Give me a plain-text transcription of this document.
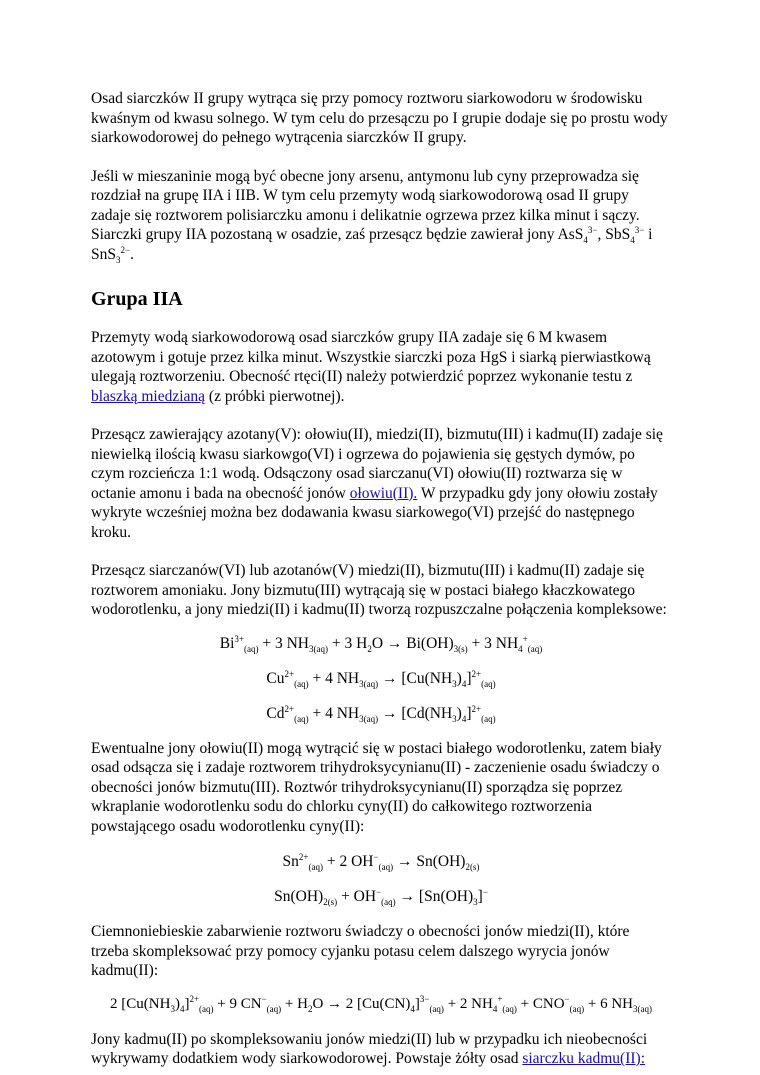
Osad siarczków II grupy wytrąca się przy pomocy roztworu siarkowodoru w środowisku kwaśnym od kwasu solnego. W tym celu do przesączu po I grupie dodaje się po prostu wody siarkowodorowej do pełnego wytrącenia siarczków II grupy.

Jeśli w mieszaninie mogą być obecne jony arsenu, antymonu lub cyny przeprowadza się rozdział na grupę IIA i IIB. W tym celu przemyty wodą siarkowodorową osad II grupy zadaje się roztworem polisiarczku amonu i delikatnie ogrzewa przez kilka minut i sączy. Siarczki grupy IIA pozostaną w osadzie, zaś przesącz będzie zawierał jony AsS$_4^{3-}$, SbS$_4^{3-}$ i SnS$_3^{2-}$.

Grupa IIA

Przemyty wodą siarkowodorową osad siarczków grupy IIA zadaje się 6 M kwasem azotowym i gotuje przez kilka minut. Wszystkie siarczki poza HgS i siarką pierwiastkową ulegają roztworzeniu. Obecność rtęci(II) należy potwierdzić poprzez wykonanie testu z blaszką miedzianą (z próbki pierwotnej).

Przesącz zawierający azotany(V): ołowiu(II), miedzi(II), bizmutu(III) i kadmu(II) zadaje się niewielką ilością kwasu siarkowgo(VI) i ogrzewa do pojawienia się gęstych dymów, po czym rozcieńcza 1:1 wodą. Odsączony osad siarczanu(VI) ołowiu(II) roztwarza się w octanie amonu i bada na obecność jonów ołowiu(II). W przypadku gdy jony ołowiu zostały wykryte wcześniej można bez dodawania kwasu siarkowego(VI) przejść do następnego kroku.

Przesącz siarczanów(VI) lub azotanów(V) miedzi(II), bizmutu(III) i kadmu(II) zadaje się roztworem amoniaku. Jony bizmutu(III) wytrącają się w postaci białego kłaczkowatego wodorotlenku, a jony miedzi(II) i kadmu(II) tworzą rozpuszczalne połączenia kompleksowe:

$Bi^{3+}_{(aq)} + 3$ $NH_{3(aq)} + 3$ $H_2O \to Bi(OH)_{3(s)} + 3$ $NH_4^+_{(aq)}$

$Cu^{2+}_{(aq)} + 4$ $NH_{3(aq)} \to [Cu(NH_3)_4]^{2+}_{(aq)}$

$Cd^{2+}_{(aq)} + 4$ $NH_{3(aq)} \to [Cd(NH_3)_4]^{2+}_{(aq)}$

Ewentualne jony ołowiu(II) mogą wytrącić się w postaci białego wodorotlenku, zatem biały osad odsącza się i zadaje roztworem trihydroksycynianu(II) - zaczenienie osadu świadczy o obecności jonów bizmutu(III). Roztwór trihydroksycynianu(II) sporządza się poprzez wkraplanie wodorotlenku sodu do chlorku cyny(II) do całkowitego roztworzenia powstającego osadu wodorotlenku cyny(II):

$Sn^{2+}_{(aq)} + 2$ $OH^-_{(aq)} \to Sn(OH)_{2(s)}$

$Sn(OH)_{2(s)} + OH^-_{(aq)} \to [Sn(OH)_3]^-$

Ciemnoniebieskie zabarwienie roztworu świadczy o obecności jonów miedzi(II), które trzeba skompleksować przy pomocy cyjanku potasu celem dalszego wyrycia jonów kadmu(II):

2 $[Cu(NH_3)_4]^{2+}_{(aq)} + 9$ $CN^-_{(aq)} + H_2O \to 2$ $[Cu(CN)_4]^{3-}_{(aq)} + 2$ $NH_4^+_{(aq)} + CNO^-_{(aq)} + 6$ $NH_{3(aq)}$

Jony kadmu(II) po skompleksowaniu jonów miedzi(II) lub w przypadku ich nieobecności wykrywamy dodatkiem wody siarkowodorowej. Powstaje żółty osad siarczku kadmu(II):
